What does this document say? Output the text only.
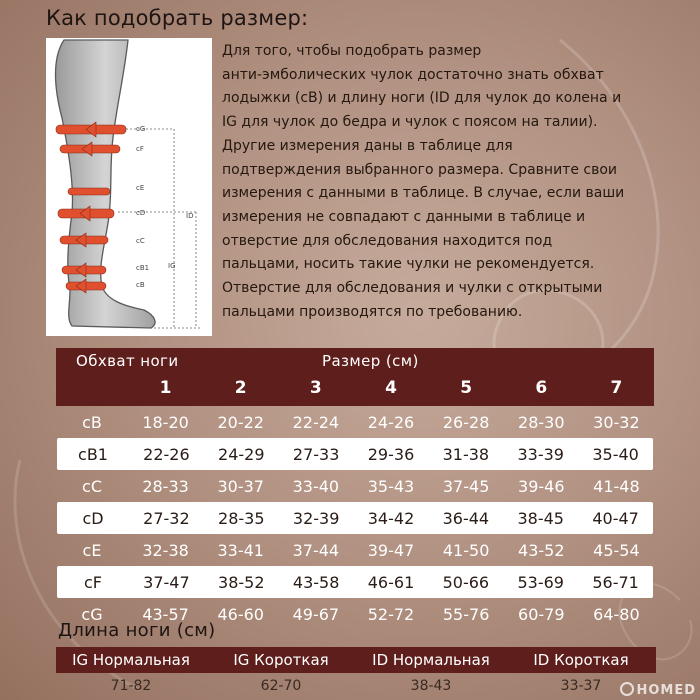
Как подобрать размер:
cG
cF
cE
cD
cC
cB1
cB
ID
IG
Для того, чтобы подобрать размер
анти-эмболических чулок достаточно знать обхват
лодыжки (cB) и длину ноги (ID для чулок до колена и
IG для чулок до бедра и чулок с поясом на талии).
Другие измерения даны в таблице для
подтверждения выбранного размера. Сравните свои
измерения с данными в таблице. В случае, если ваши
измерения не совпадают с данными в таблице и
отверстие для обследования находится под
пальцами, носить такие чулки не рекомендуется.
Отверстие для обследования и чулки с открытыми
пальцами производятся по требованию.
Обхват ноги	Размер (см)
1	2	3	4	5	6	7
cB	18-20	20-22	22-24	24-26	26-28	28-30	30-32
cB1	22-26	24-29	27-33	29-36	31-38	33-39	35-40
cC	28-33	30-37	33-40	35-43	37-45	39-46	41-48
cD	27-32	28-35	32-39	34-42	36-44	38-45	40-47
cE	32-38	33-41	37-44	39-47	41-50	43-52	45-54
cF	37-47	38-52	43-58	46-61	50-66	53-69	56-71
cG	43-57	46-60	49-67	52-72	55-76	60-79	64-80
Длина ноги (см)
IG Нормальная	IG Короткая	ID Нормальная	ID Короткая
71-82	62-70	38-43	33-37	HOMED
